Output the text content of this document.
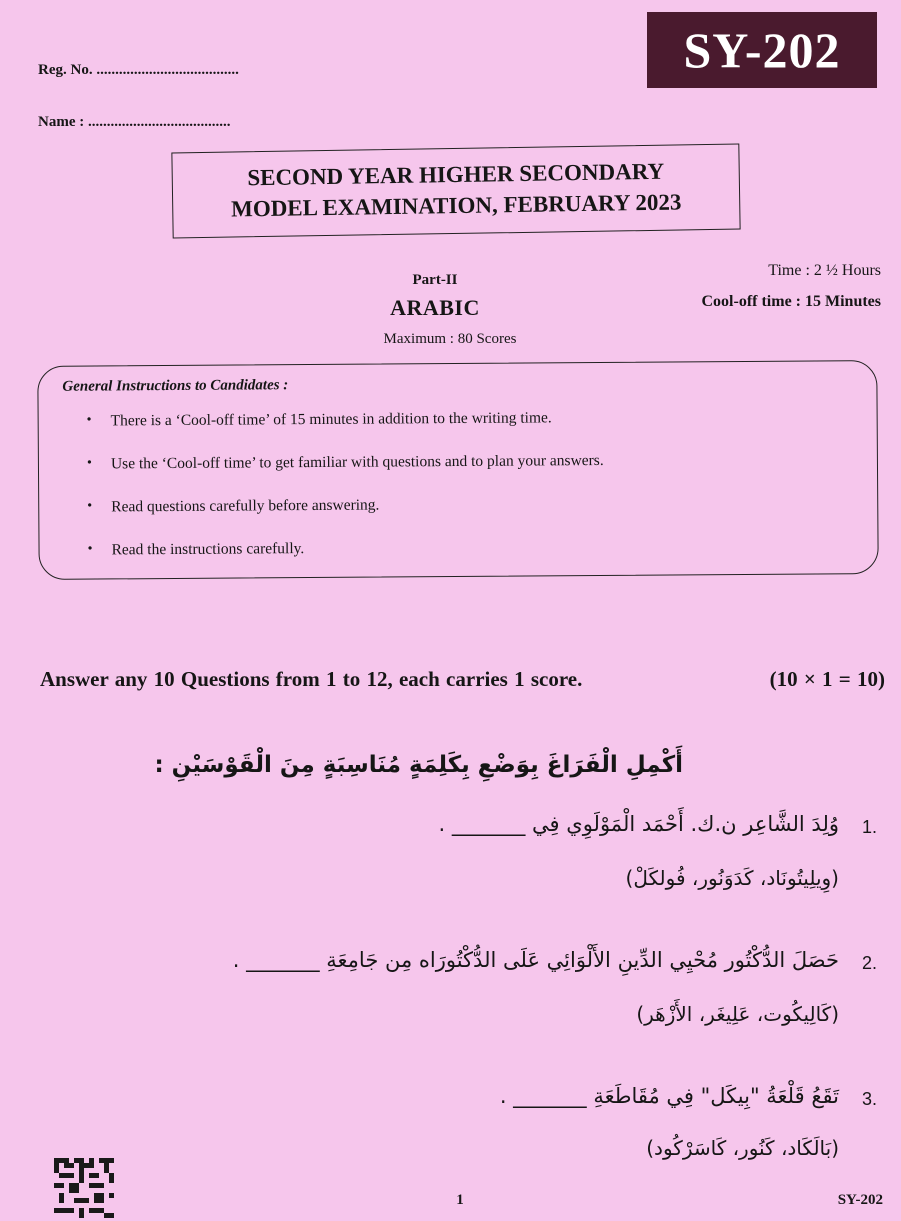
SY-202
Reg. No. ......................................
Name : ......................................
SECOND YEAR HIGHER SECONDARY
MODEL EXAMINATION, FEBRUARY 2023
Part-II
ARABIC
Maximum : 80 Scores
Time : 2 ½ Hours
Cool-off time : 15 Minutes
General Instructions to Candidates :
•	There is a ‘Cool-off time’ of 15 minutes in addition to the writing time.
•	Use the ‘Cool-off time’ to get familiar with questions and to plan your answers.
•	Read questions carefully before answering.
•	Read the instructions carefully.
Answer any 10 Questions from 1 to 12, each carries 1 score.	(10 × 1 = 10)
أَكْمِلِ الْفَرَاغَ بِوَضْعِ بِكَلِمَةٍ مُنَاسِبَةٍ مِنَ الْقَوْسَيْنِ :
1.
وُلِدَ الشَّاعِر ن.ك. أَحْمَد الْمَوْلَوِي فِي _______ .
(وِيلِيتُونَاد، كَدَوَنُور، فُولكَلْ)
2.
حَصَلَ الدُّكْتُور مُحْيِي الدِّينِ الأَلْوَائِي عَلَى الدُّكْتُورَاه مِن جَامِعَةِ _______ .
(كَالِيكُوت، عَلِيغَر، الأَزْهَر)
3.
تَقَعُ قَلْعَةُ "بِيكَل" فِي مُقَاطَعَةِ _______ .
(بَالَكَاد، كَنُور، كَاسَرْكُود)
1	SY-202
